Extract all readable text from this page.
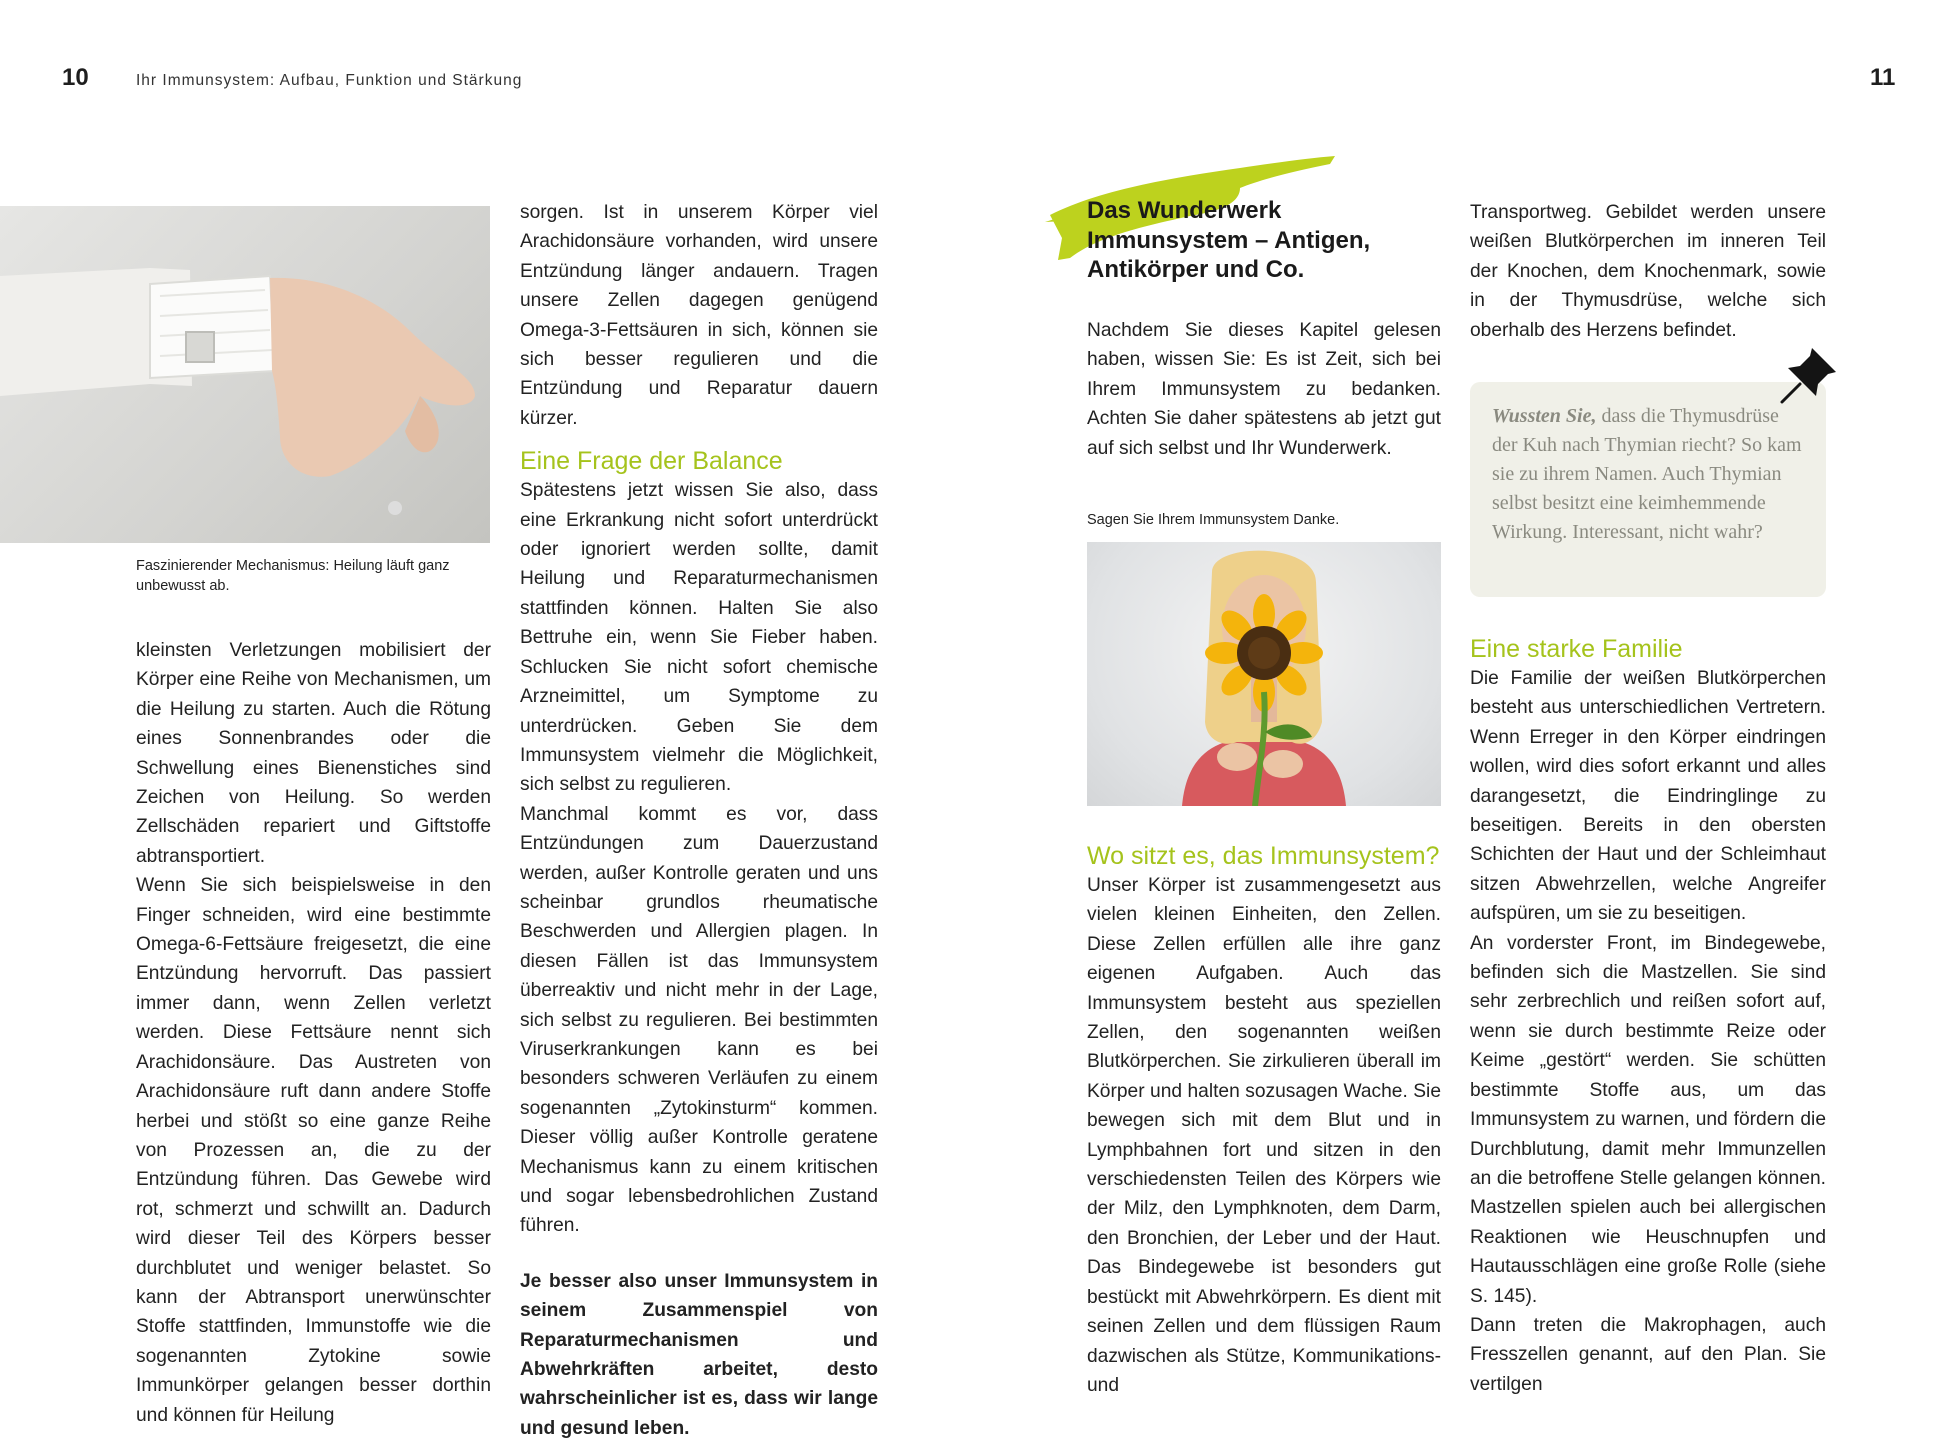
10	Ihr Immunsystem: Aufbau, Funktion und Stärkung	11
Faszinierender Mechanismus: Heilung läuft ganz unbewusst ab.

kleinsten Verletzungen mobilisiert der Körper eine Reihe von Mechanismen, um die Heilung zu starten. Auch die Rötung eines Sonnenbrandes oder die Schwellung eines Bienenstiches sind Zeichen von Heilung. So werden Zellschäden repariert und Giftstoffe abtransportiert.

Wenn Sie sich beispielsweise in den Finger schneiden, wird eine bestimmte Omega-6-Fettsäure freigesetzt, die eine Entzündung hervorruft. Das passiert immer dann, wenn Zellen verletzt werden. Diese Fettsäure nennt sich Arachidonsäure. Das Austreten von Arachidonsäure ruft dann andere Stoffe herbei und stößt so eine ganze Reihe von Prozessen an, die zu der Entzündung führen. Das Gewebe wird rot, schmerzt und schwillt an. Dadurch wird dieser Teil des Körpers besser durchblutet und weniger belastet. So kann der Abtransport unerwünschter Stoffe stattfinden, Immunstoffe wie die sogenannten Zytokine sowie Immunkörper gelangen besser dorthin und können für Heilung

sorgen. Ist in unserem Körper viel Arachidonsäure vorhanden, wird unsere Entzündung länger andauern. Tragen unsere Zellen dagegen genügend Omega-3-Fettsäuren in sich, können sie sich besser regulieren und die Entzündung und Reparatur dauern kürzer.

Eine Frage der Balance

Spätestens jetzt wissen Sie also, dass eine Erkrankung nicht sofort unterdrückt oder ignoriert werden sollte, damit Heilung und Reparaturmechanismen stattfinden können. Halten Sie also Bettruhe ein, wenn Sie Fieber haben. Schlucken Sie nicht sofort chemische Arzneimittel, um Symptome zu unterdrücken. Geben Sie dem Immunsystem vielmehr die Möglichkeit, sich selbst zu regulieren.

Manchmal kommt es vor, dass Entzündungen zum Dauerzustand werden, außer Kontrolle geraten und uns scheinbar grundlos rheumatische Beschwerden und Allergien plagen. In diesen Fällen ist das Immunsystem überreaktiv und nicht mehr in der Lage, sich selbst zu regulieren. Bei bestimmten Viruserkrankungen kann es bei besonders schweren Verläufen zu einem sogenannten „Zytokinsturm“ kommen. Dieser völlig außer Kontrolle geratene Mechanismus kann zu einem kritischen und sogar lebensbedrohlichen Zustand führen.

Je besser also unser Immunsystem in seinem Zusammenspiel von Reparaturmechanismen und Abwehrkräften arbeitet, desto wahrscheinlicher ist es, dass wir lange und gesund leben.

Das Wunderwerk
Immunsystem – Antigen,
Antikörper und Co.

Nachdem Sie dieses Kapitel gelesen haben, wissen Sie: Es ist Zeit, sich bei Ihrem Immunsystem zu bedanken. Achten Sie daher spätestens ab jetzt gut auf sich selbst und Ihr Wunderwerk.

Sagen Sie Ihrem Immunsystem Danke.
Wo sitzt es, das Immunsystem?

Unser Körper ist zusammengesetzt aus vielen kleinen Einheiten, den Zellen. Diese Zellen erfüllen alle ihre ganz eigenen Aufgaben. Auch das Immunsystem besteht aus speziellen Zellen, den sogenannten weißen Blutkörperchen. Sie zirkulieren überall im Körper und halten sozusagen Wache. Sie bewegen sich mit dem Blut und in Lymphbahnen fort und sitzen in den verschiedensten Teilen des Körpers wie der Milz, den Lymphknoten, dem Darm, den Bronchien, der Leber und der Haut. Das Bindegewebe ist besonders gut bestückt mit Abwehrkörpern. Es dient mit seinen Zellen und dem flüssigen Raum dazwischen als Stütze, Kommunikations- und

Transportweg. Gebildet werden unsere weißen Blutkörperchen im inneren Teil der Knochen, dem Knochenmark, sowie in der Thymusdrüse, welche sich oberhalb des Herzens befindet.

Wussten Sie, dass die Thymusdrüse der Kuh nach Thymian riecht? So kam sie zu ihrem Namen. Auch Thymian selbst besitzt eine keimhemmende Wirkung. Interessant, nicht wahr?
Eine starke Familie

Die Familie der weißen Blutkörperchen besteht aus unterschiedlichen Vertretern. Wenn Erreger in den Körper eindringen wollen, wird dies sofort erkannt und alles darangesetzt, die Eindringlinge zu beseitigen. Bereits in den obersten Schichten der Haut und der Schleimhaut sitzen Abwehrzellen, welche Angreifer aufspüren, um sie zu beseitigen.

An vorderster Front, im Bindegewebe, befinden sich die Mastzellen. Sie sind sehr zerbrechlich und reißen sofort auf, wenn sie durch bestimmte Reize oder Keime „gestört“ werden. Sie schütten bestimmte Stoffe aus, um das Immunsystem zu warnen, und fördern die Durchblutung, damit mehr Immunzellen an die betroffene Stelle gelangen können. Mastzellen spielen auch bei allergischen Reaktionen wie Heuschnupfen und Hautausschlägen eine große Rolle (siehe S. 145).

Dann treten die Makrophagen, auch Fresszellen genannt, auf den Plan. Sie vertilgen
